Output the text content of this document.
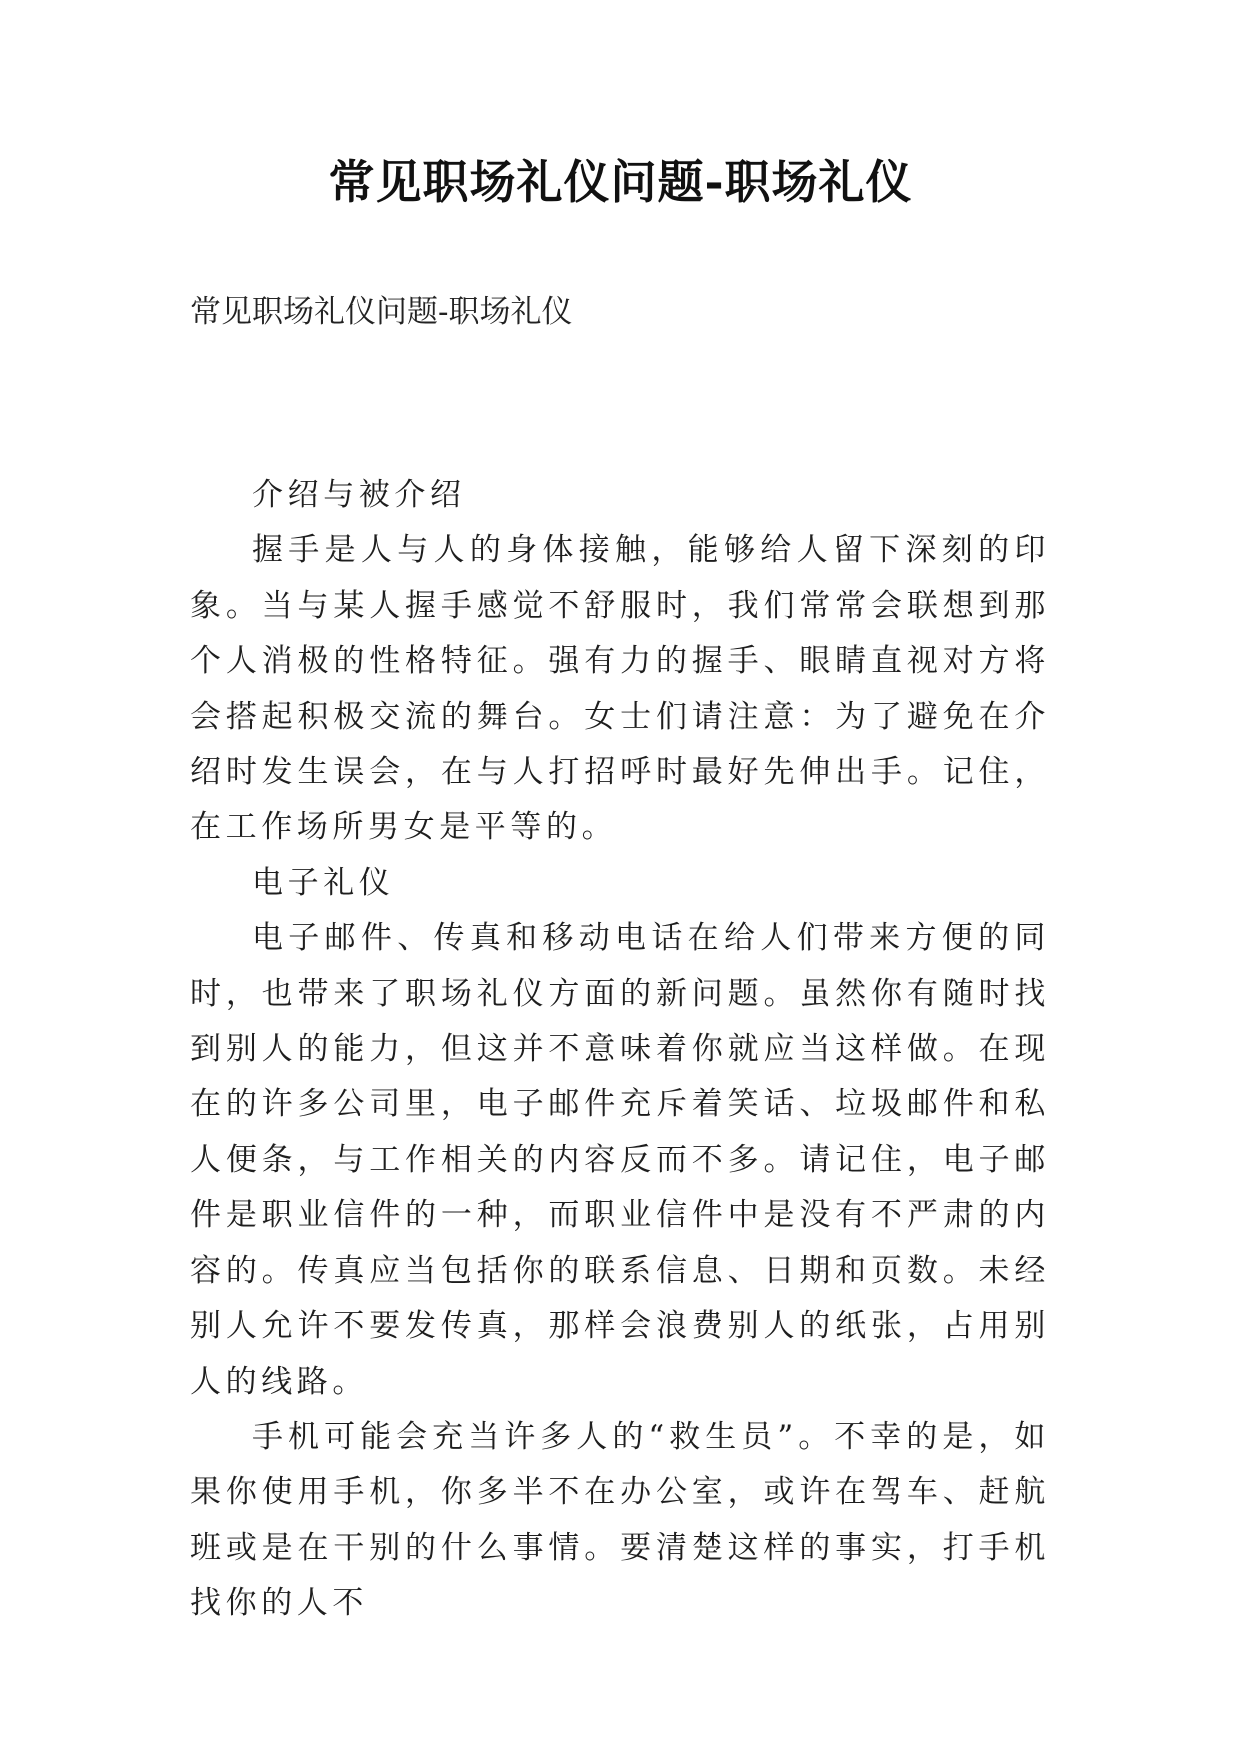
常见职场礼仪问题-职场礼仪

常见职场礼仪问题-职场礼仪

介绍与被介绍

握手是人与人的身体接触，能够给人留下深刻的印象。当与某人握手感觉不舒服时，我们常常会联想到那个人消极的性格特征。强有力的握手、眼睛直视对方将会搭起积极交流的舞台。女士们请注意：为了避免在介绍时发生误会，在与人打招呼时最好先伸出手。记住，在工作场所男女是平等的。

电子礼仪

电子邮件、传真和移动电话在给人们带来方便的同时，也带来了职场礼仪方面的新问题。虽然你有随时找到别人的能力，但这并不意味着你就应当这样做。在现在的许多公司里，电子邮件充斥着笑话、垃圾邮件和私人便条，与工作相关的内容反而不多。请记住，电子邮件是职业信件的一种，而职业信件中是没有不严肃的内容的。传真应当包括你的联系信息、日期和页数。未经别人允许不要发传真，那样会浪费别人的纸张，占用别人的线路。

手机可能会充当许多人的“救生员”。不幸的是，如果你使用手机，你多半不在办公室，或许在驾车、赶航班或是在干别的什么事情。要清楚这样的事实，打手机找你的人不
